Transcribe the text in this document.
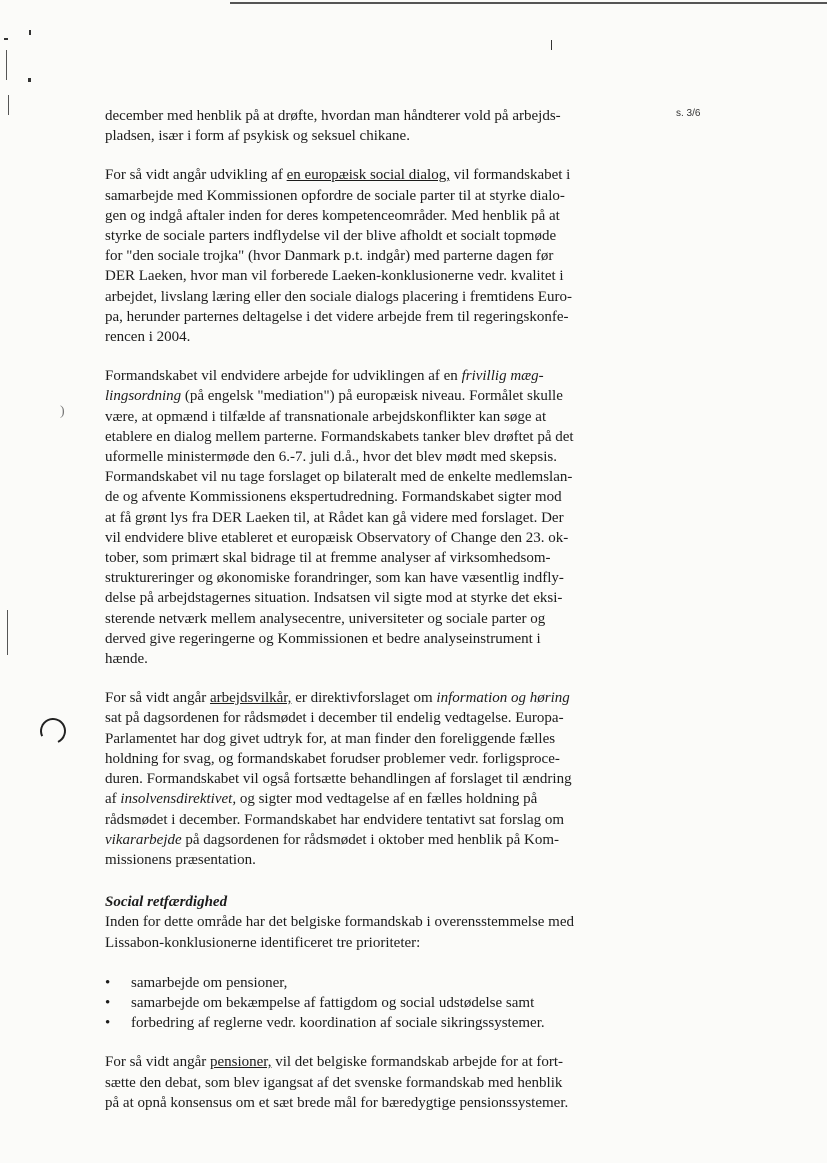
)
s. 3/6
december med henblik på at drøfte, hvordan man håndterer vold på arbejds-
pladsen, især i form af psykisk og seksuel chikane.
For så vidt angår udvikling af en europæisk social dialog, vil formandskabet i
samarbejde med Kommissionen opfordre de sociale parter til at styrke dialo-
gen og indgå aftaler inden for deres kompetenceområder. Med henblik på at
styrke de sociale parters indflydelse vil der blive afholdt et socialt topmøde
for "den sociale trojka" (hvor Danmark p.t. indgår) med parterne dagen før
DER Laeken, hvor man vil forberede Laeken-konklusionerne vedr. kvalitet i
arbejdet, livslang læring eller den sociale dialogs placering i fremtidens Euro-
pa, herunder parternes deltagelse i det videre arbejde frem til regeringskonfe-
rencen i 2004.
Formandskabet vil endvidere arbejde for udviklingen af en frivillig mæg-
lingsordning (på engelsk "mediation") på europæisk niveau. Formålet skulle
være, at opmænd i tilfælde af transnationale arbejdskonflikter kan søge at
etablere en dialog mellem parterne. Formandskabets tanker blev drøftet på det
uformelle ministermøde den 6.-7. juli d.å., hvor det blev mødt med skepsis.
Formandskabet vil nu tage forslaget op bilateralt med de enkelte medlemslan-
de og afvente Kommissionens ekspertudredning. Formandskabet sigter mod
at få grønt lys fra DER Laeken til, at Rådet kan gå videre med forslaget. Der
vil endvidere blive etableret et europæisk Observatory of Change den 23. ok-
tober, som primært skal bidrage til at fremme analyser af virksomhedsom-
struktureringer og økonomiske forandringer, som kan have væsentlig indfly-
delse på arbejdstagernes situation. Indsatsen vil sigte mod at styrke det eksi-
sterende netværk mellem analysecentre, universiteter og sociale parter og
derved give regeringerne og Kommissionen et bedre analyseinstrument i
hænde.
For så vidt angår arbejdsvilkår, er direktivforslaget om information og høring
sat på dagsordenen for rådsmødet i december til endelig vedtagelse. Europa-
Parlamentet har dog givet udtryk for, at man finder den foreliggende fælles
holdning for svag, og formandskabet forudser problemer vedr. forligsproce-
duren. Formandskabet vil også fortsætte behandlingen af forslaget til ændring
af insolvensdirektivet, og sigter mod vedtagelse af en fælles holdning på
rådsmødet i december. Formandskabet har endvidere tentativt sat forslag om
vikararbejde på dagsordenen for rådsmødet i oktober med henblik på Kom-
missionens præsentation.
Social retfærdighed
Inden for dette område har det belgiske formandskab i overensstemmelse med
Lissabon-konklusionerne identificeret tre prioriteter:
• samarbejde om pensioner,
• samarbejde om bekæmpelse af fattigdom og social udstødelse samt
• forbedring af reglerne vedr. koordination af sociale sikringssystemer.
For så vidt angår pensioner, vil det belgiske formandskab arbejde for at fort-
sætte den debat, som blev igangsat af det svenske formandskab med henblik
på at opnå konsensus om et sæt brede mål for bæredygtige pensionssystemer.
